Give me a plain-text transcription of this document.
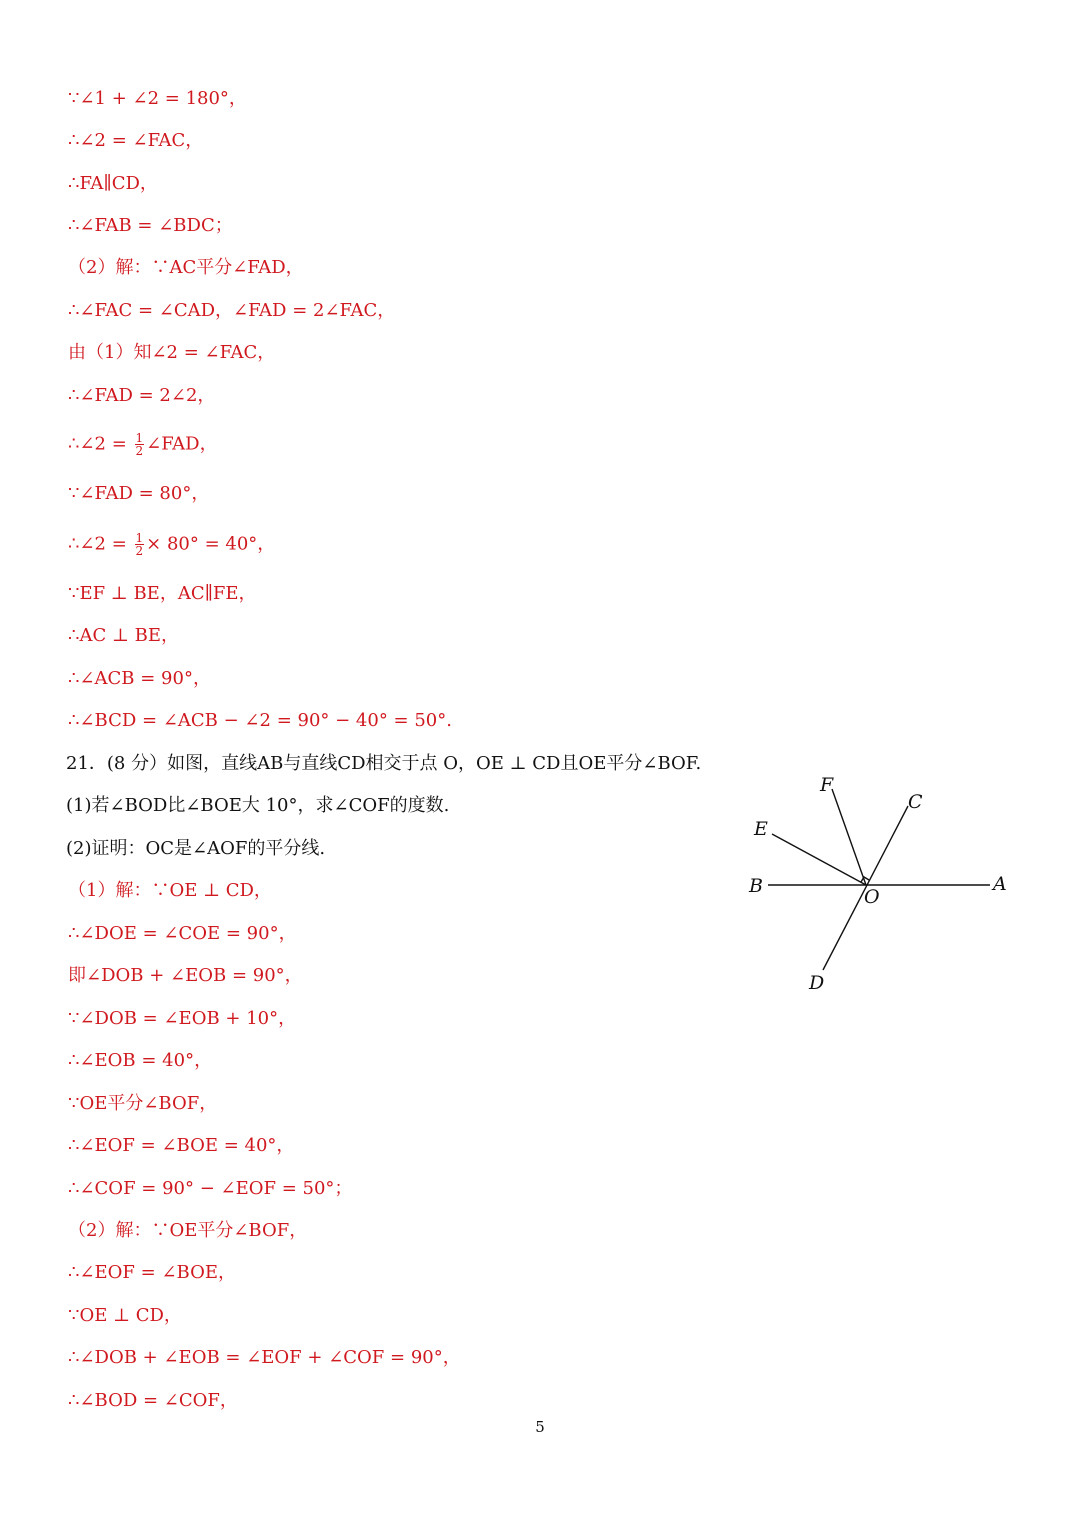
∵∠1 + ∠2 = 180°，
∴∠2 = ∠FAC，
∴FA∥CD，
∴∠FAB = ∠BDC；
（2）解：∵AC平分∠FAD，
∴∠FAC = ∠CAD，∠FAD = 2∠FAC，
由（1）知∠2 = ∠FAC，
∴∠FAD = 2∠2，
∴∠2 = $\frac{1}{2}$ ∠FAD，
∵∠FAD = 80°，
∴∠2 = $\frac{1}{2} \times 80^\circ = 40^\circ$，
∵EF ⊥ BE，AC∥FE，
∴AC ⊥ BE，
∴∠ACB = 90°，
∴∠BCD = ∠ACB − ∠2 = 90° − 40° = 50°.
21．(8 分）如图，直线AB与直线CD相交于点 O，OE ⊥ CD且OE平分∠BOF.
(1)若∠BOD比∠BOE大 10°，求∠COF的度数.
(2)证明：OC是∠AOF的平分线.
（1）解：∵OE ⊥ CD，
∴∠DOE = ∠COE = 90°，
即∠DOB + ∠EOB = 90°，
∵∠DOB = ∠EOB + 10°，
∴∠EOB = 40°，
∵OE平分∠BOF，
∴∠EOF = ∠BOE = 40°，
∴∠COF = 90° − ∠EOF = 50°；
（2）解：∵OE平分∠BOF，
∴∠EOF = ∠BOE，
∵OE ⊥ CD，
∴∠DOB + ∠EOB = ∠EOF + ∠COF = 90°，
∴∠BOD = ∠COF，
F
C
E
B	A
O
D
5
